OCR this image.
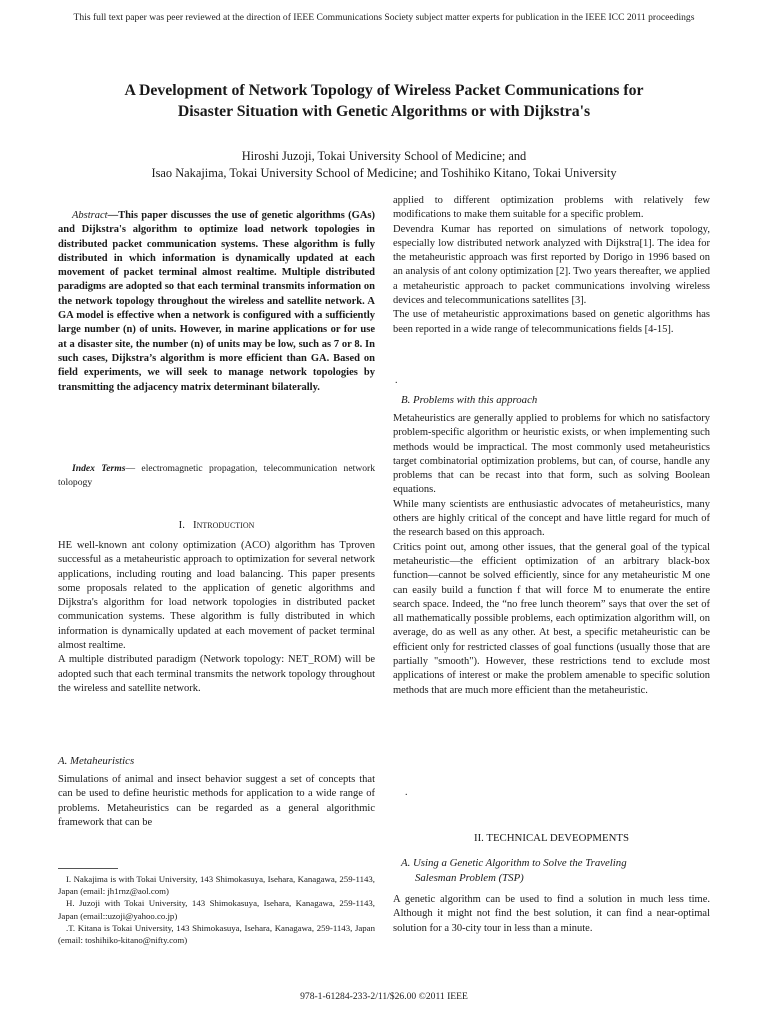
This full text paper was peer reviewed at the direction of IEEE Communications Society subject matter experts for publication in the IEEE ICC 2011 proceedings
A Development of Network Topology of Wireless Packet Communications for
Disaster Situation with Genetic Algorithms or with Dijkstra's
Hiroshi Juzoji, Tokai University School of Medicine; and
Isao Nakajima, Tokai University School of Medicine; and Toshihiko Kitano, Tokai University

Abstract—This paper discusses the use of genetic algorithms (GAs) and Dijkstra's algorithm to optimize load network topologies in distributed packet communication systems. These algorithm is fully distributed in which information is dynamically updated at each movement of packet terminal almost realtime. Multiple distributed paradigms are adopted so that each terminal transmits information on the network topology throughout the wireless and satellite network. A GA model is effective when a network is configured with a sufficiently large number (n) of units. However, in marine applications or for use at a disaster site, the number (n) of units may be low, such as 7 or 8. In such cases, Dijkstra’s algorithm is more efficient than GA. Based on field experiments, we will seek to manage network topologies by transmitting the adjacency matrix determinant bilaterally.

Index Terms— electromagnetic propagation, telecommunication network tolopogy

I. Introduction

HE well-known ant colony optimization (ACO) algorithm has Tproven successful as a metaheuristic approach to optimization for several network applications, including routing and load balancing. This paper presents some proposals related to the application of genetic algorithms and Dijkstra's algorithm for load network topologies in distributed packet communication systems. These algorithm is fully distributed in which information is dynamically updated at each movement of packet terminal almost realtime.

A multiple distributed paradigm (Network topology: NET_ROM) will be adopted such that each terminal transmits the network topology throughout the wireless and satellite network.

A. Metaheuristics

Simulations of animal and insect behavior suggest a set of concepts that can be used to define heuristic methods for application to a wide range of problems. Metaheuristics can be regarded as a general algorithmic framework that can be

I. Nakajima is with Tokai University, 143 Shimokasuya, Isehara, Kanagawa, 259-1143, Japan (email: jh1rnz@aol.com)

H. Juzoji with Tokai University, 143 Shimokasuya, Isehara, Kanagawa, 259-1143, Japan (email::uzoji@yahoo.co.jp)

.T. Kitana is Tokai University, 143 Shimokasuya, Isehara, Kanagawa, 259-1143, Japan (email: toshihiko-kitano@nifty.com)

applied to different optimization problems with relatively few modifications to make them suitable for a specific problem.

Devendra Kumar has reported on simulations of network topology, especially low distributed network analyzed with Dijkstra[1]. The idea for the metaheuristic approach was first reported by Dorigo in 1996 based on an analysis of ant colony optimization [2]. Two years thereafter, we applied a metaheuristic approach to packet communications involving wireless devices and telecommunications satellites [3].

The use of metaheuristic approximations based on genetic algorithms has been reported in a wide range of telecommunications fields [4-15].

.
B. Problems with this approach

Metaheuristics are generally applied to problems for which no satisfactory problem-specific algorithm or heuristic exists, or when implementing such methods would be impractical. The most commonly used metaheuristics target combinatorial optimization problems, but can, of course, handle any problems that can be recast into that form, such as solving Boolean equations.

While many scientists are enthusiastic advocates of metaheuristics, many others are highly critical of the concept and have little regard for much of the research based on this approach.

Critics point out, among other issues, that the general goal of the typical metaheuristic—the efficient optimization of an arbitrary black-box function—cannot be solved efficiently, since for any metaheuristic M one can easily build a function f that will force M to enumerate the entire search space. Indeed, the “no free lunch theorem” says that over the set of all mathematically possible problems, each optimization algorithm will, on average, do as well as any other. At best, a specific metaheuristic can be efficient only for restricted classes of goal functions (usually those that are partially "smooth"). However, these restrictions tend to exclude most applications of interest or make the problem amenable to specific solution methods that are much more efficient than the metaheuristic.

.
II. TECHNICAL DEVEOPMENTS
A. Using a Genetic Algorithm to Solve the Traveling
Salesman Problem (TSP)

A genetic algorithm can be used to find a solution in much less time. Although it might not find the best solution, it can find a near-optimal solution for a 30-city tour in less than a minute.

978-1-61284-233-2/11/$26.00 ©2011 IEEE
